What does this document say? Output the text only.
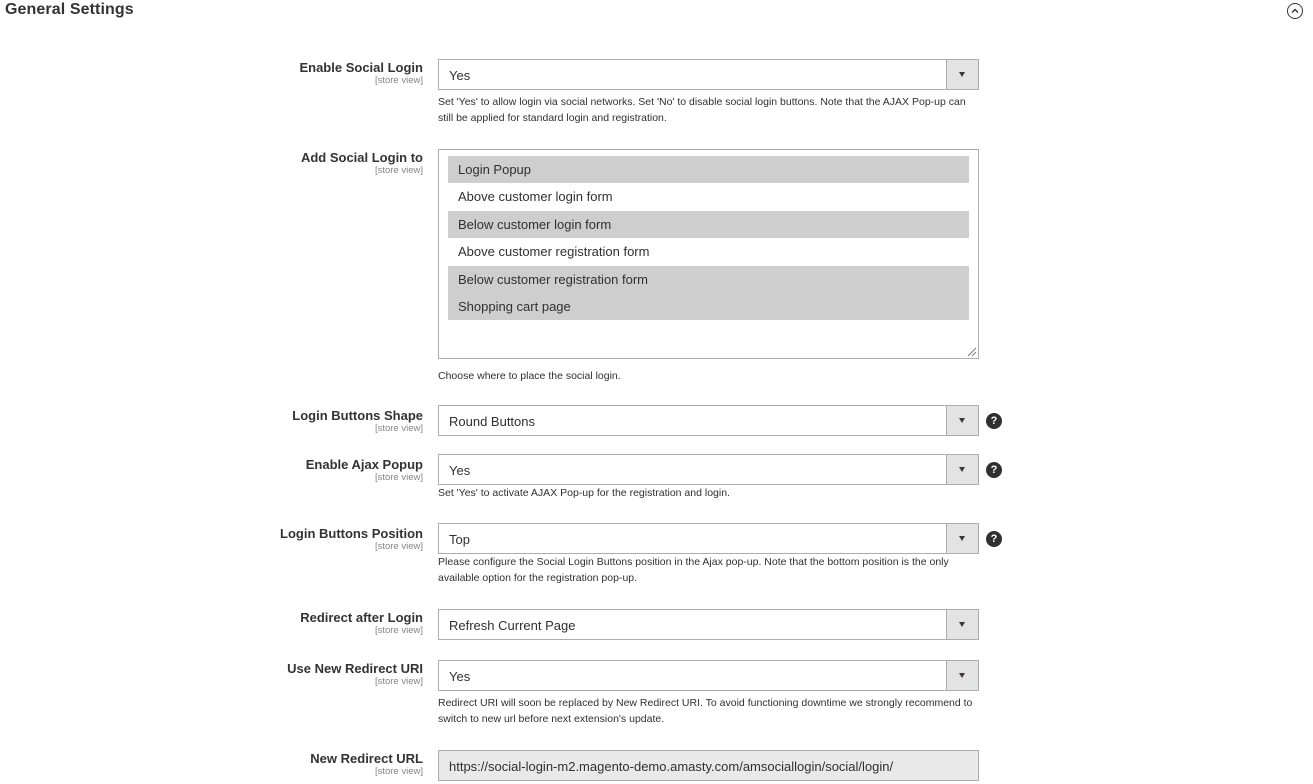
General Settings
Enable Social Login
[store view] Yes
Set 'Yes' to allow login via social networks. Set 'No' to disable social login buttons. Note that the AJAX Pop-up can still be applied for standard login and registration.
Add Social Login to
[store view]	Login Popup
Above customer login form
Below customer login form
Above customer registration form
Below customer registration form
Shopping cart page
Choose where to place the social login.
Login Buttons Shape
[store view] Round Buttons	?
Enable Ajax Popup
[store view] Yes	?
Set 'Yes' to activate AJAX Pop-up for the registration and login.
Login Buttons Position
[store view] Top	?
Please configure the Social Login Buttons position in the Ajax pop-up. Note that the bottom position is the only available option for the registration pop-up.
Redirect after Login
[store view] Refresh Current Page
Use New Redirect URI
[store view] Yes
Redirect URI will soon be replaced by New Redirect URI. To avoid functioning downtime we strongly recommend to switch to new url before next extension's update.
New Redirect URL
[store view] https://social-login-m2.magento-demo.amasty.com/amsociallogin/social/login/
